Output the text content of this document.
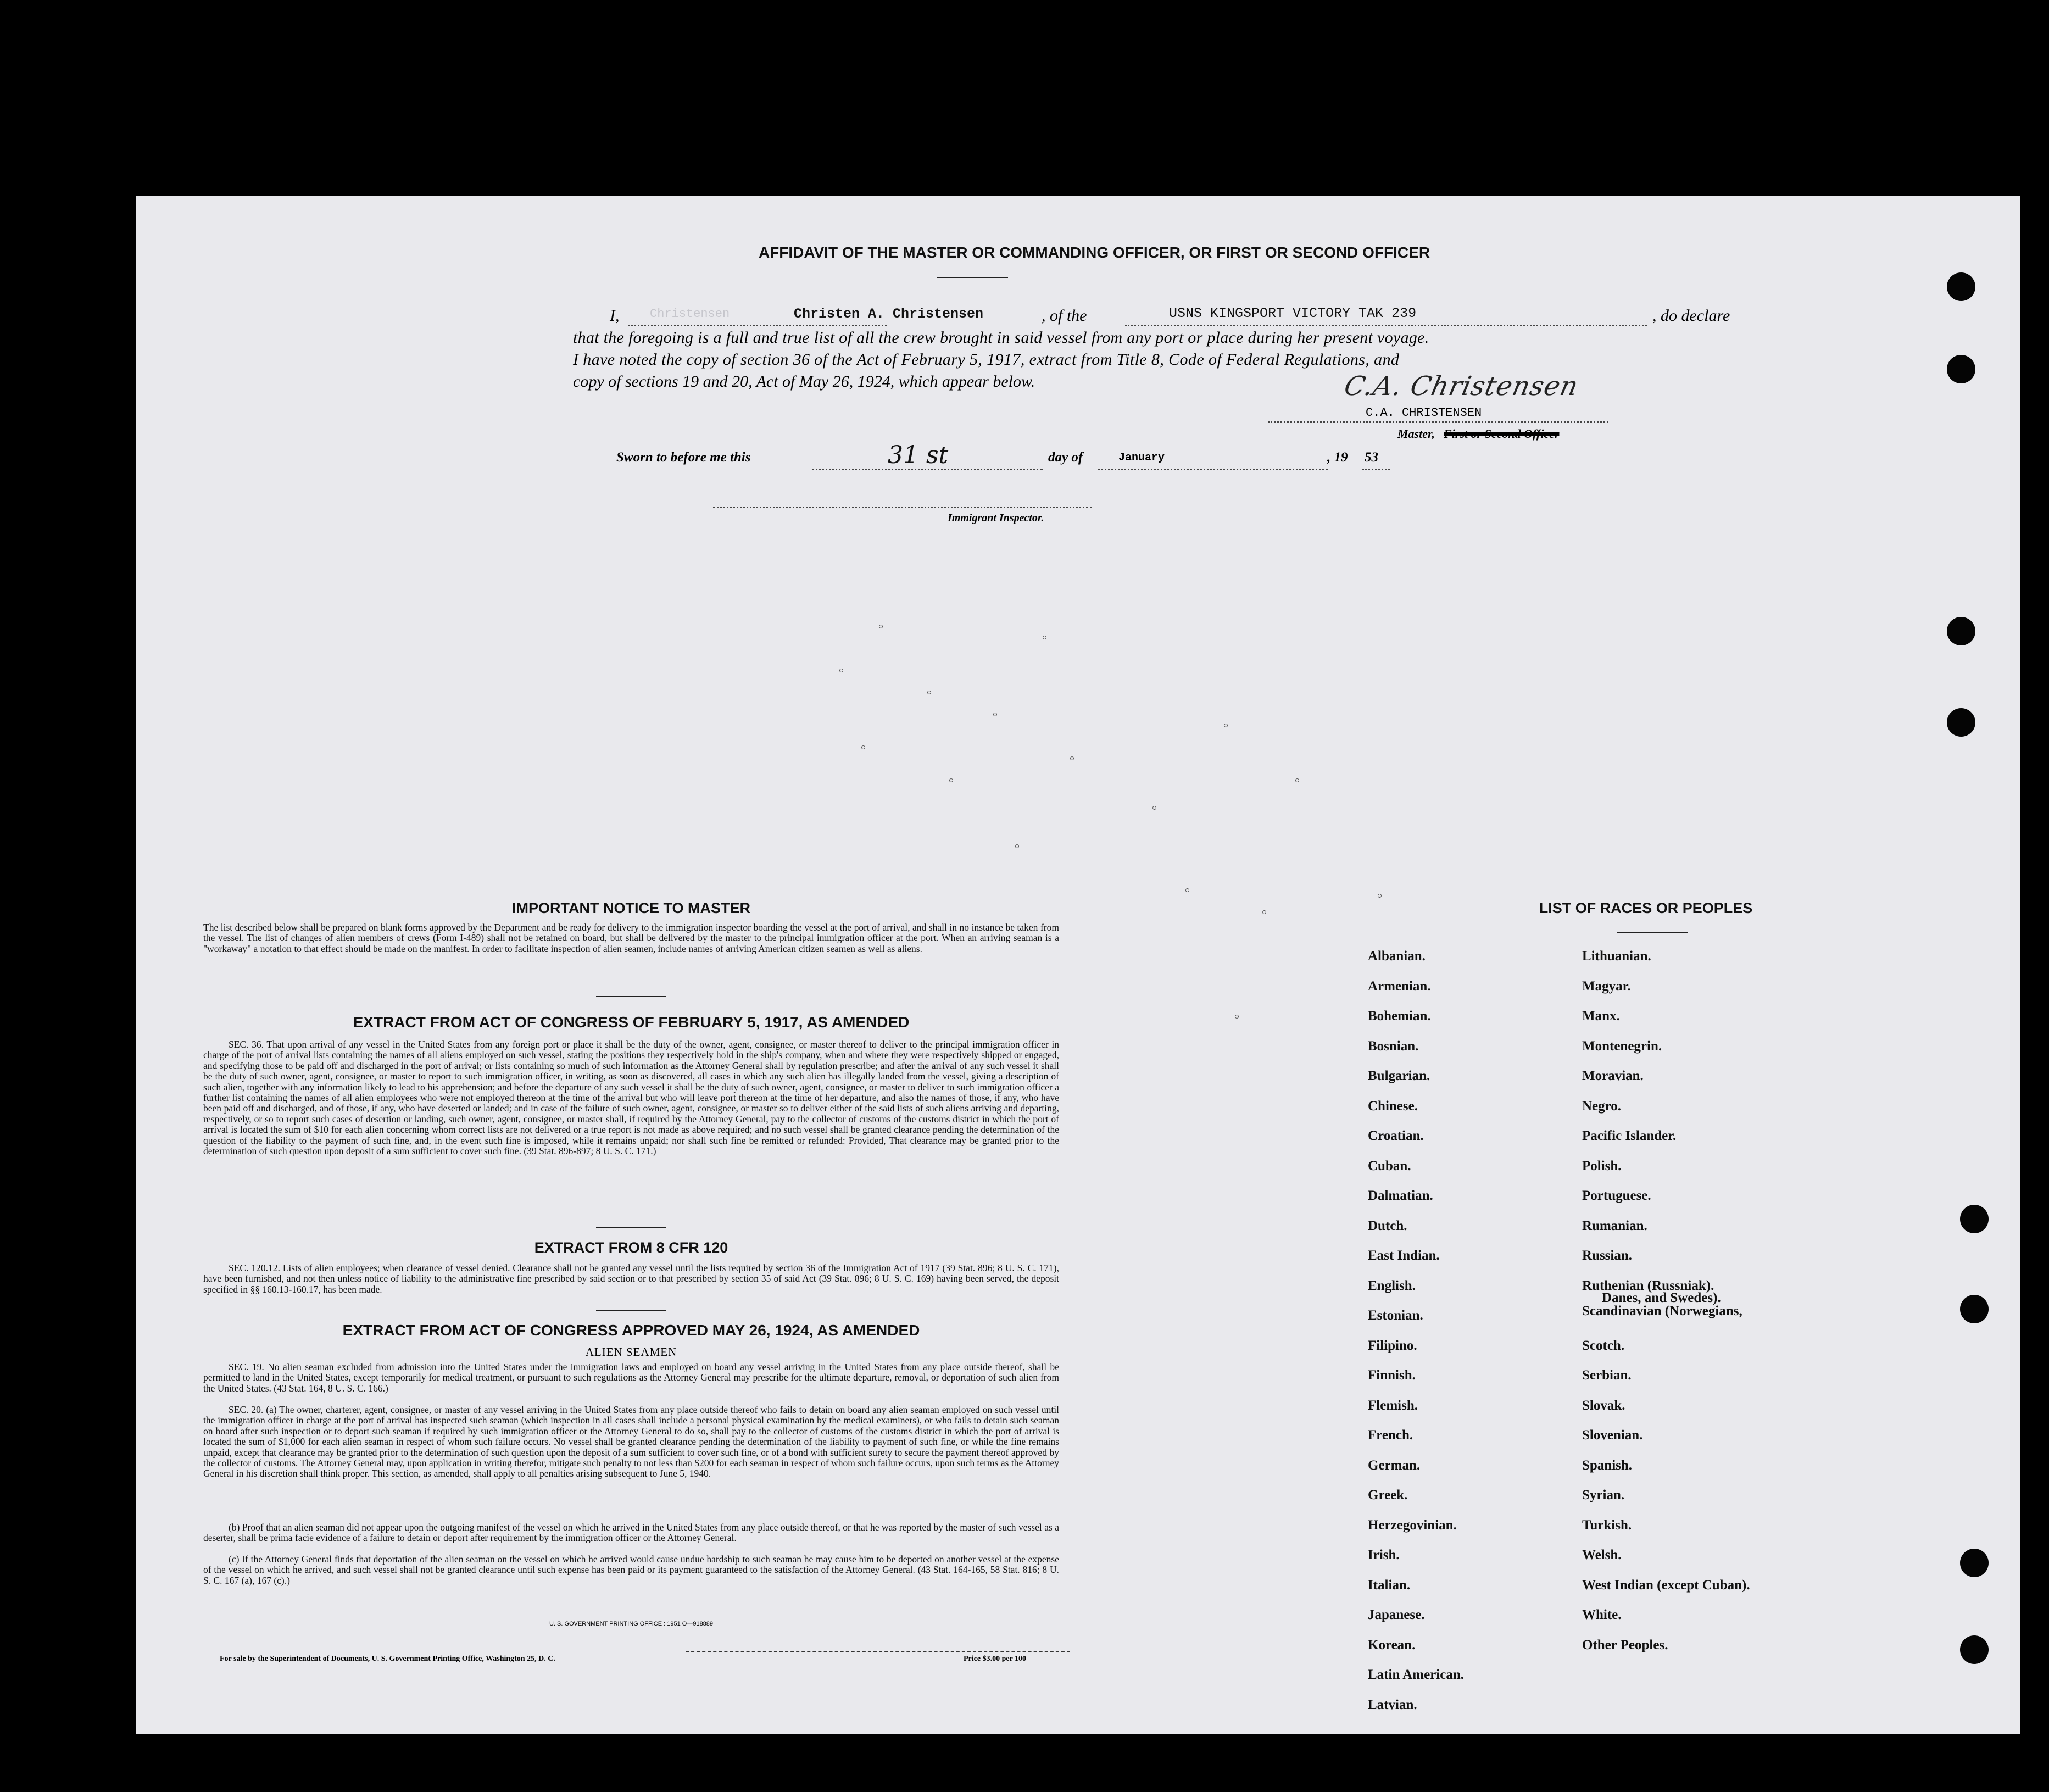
AFFIDAVIT OF THE MASTER OR COMMANDING OFFICER, OR FIRST OR SECOND OFFICER
I,	Christensen	Christen A. Christensen	, of the	USNS KINGSPORT VICTORY TAK 239	, do declare
that the foregoing is a full and true list of all the crew brought in said vessel from any port or place during her present voyage.
I have noted the copy of section 36 of the Act of February 5, 1917, extract from Title 8, Code of Federal Regulations, and
copy of sections 19 and 20, Act of May 26, 1924, which appear below.	C.A. Christensen
C.A. CHRISTENSEN
Master, First or Second Officer
Sworn to before me this	31 st	day of	January	, 19 53
Immigrant Inspector.
IMPORTANT NOTICE TO MASTER

The list described below shall be prepared on blank forms approved by the Department and be ready for delivery to the immigration inspector boarding the vessel at the port of arrival, and shall in no instance be taken from the vessel. The list of changes of alien members of crews (Form I-489) shall not be retained on board, but shall be delivered by the master to the principal immigration officer at the port. When an arriving seaman is a "workaway" a notation to that effect should be made on the manifest. In order to facilitate inspection of alien seamen, include names of arriving American citizen seamen as well as aliens.

EXTRACT FROM ACT OF CONGRESS OF FEBRUARY 5, 1917, AS AMENDED

SEC. 36. That upon arrival of any vessel in the United States from any foreign port or place it shall be the duty of the owner, agent, consignee, or master thereof to deliver to the principal immigration officer in charge of the port of arrival lists containing the names of all aliens employed on such vessel, stating the positions they respectively hold in the ship's company, when and where they were respectively shipped or engaged, and specifying those to be paid off and discharged in the port of arrival; or lists containing so much of such information as the Attorney General shall by regulation prescribe; and after the arrival of any such vessel it shall be the duty of such owner, agent, consignee, or master to report to such immigration officer, in writing, as soon as discovered, all cases in which any such alien has illegally landed from the vessel, giving a description of such alien, together with any information likely to lead to his apprehension; and before the departure of any such vessel it shall be the duty of such owner, agent, consignee, or master to deliver to such immigration officer a further list containing the names of all alien employees who were not employed thereon at the time of the arrival but who will leave port thereon at the time of her departure, and also the names of those, if any, who have been paid off and discharged, and of those, if any, who have deserted or landed; and in case of the failure of such owner, agent, consignee, or master so to deliver either of the said lists of such aliens arriving and departing, respectively, or so to report such cases of desertion or landing, such owner, agent, consignee, or master shall, if required by the Attorney General, pay to the collector of customs of the customs district in which the port of arrival is located the sum of $10 for each alien concerning whom correct lists are not delivered or a true report is not made as above required; and no such vessel shall be granted clearance pending the determination of the question of the liability to the payment of such fine, and, in the event such fine is imposed, while it remains unpaid; nor shall such fine be remitted or refunded: Provided, That clearance may be granted prior to the determination of such question upon deposit of a sum sufficient to cover such fine. (39 Stat. 896-897; 8 U. S. C. 171.)

EXTRACT FROM 8 CFR 120

SEC. 120.12. Lists of alien employees; when clearance of vessel denied. Clearance shall not be granted any vessel until the lists required by section 36 of the Immigration Act of 1917 (39 Stat. 896; 8 U. S. C. 171), have been furnished, and not then unless notice of liability to the administrative fine prescribed by said section or to that prescribed by section 35 of said Act (39 Stat. 896; 8 U. S. C. 169) having been served, the deposit specified in §§ 160.13-160.17, has been made.

EXTRACT FROM ACT OF CONGRESS APPROVED MAY 26, 1924, AS AMENDED
ALIEN SEAMEN

SEC. 19. No alien seaman excluded from admission into the United States under the immigration laws and employed on board any vessel arriving in the United States from any place outside thereof, shall be permitted to land in the United States, except temporarily for medical treatment, or pursuant to such regulations as the Attorney General may prescribe for the ultimate departure, removal, or deportation of such alien from the United States. (43 Stat. 164, 8 U. S. C. 166.)

SEC. 20. (a) The owner, charterer, agent, consignee, or master of any vessel arriving in the United States from any place outside thereof who fails to detain on board any alien seaman employed on such vessel until the immigration officer in charge at the port of arrival has inspected such seaman (which inspection in all cases shall include a personal physical examination by the medical examiners), or who fails to detain such seaman on board after such inspection or to deport such seaman if required by such immigration officer or the Attorney General to do so, shall pay to the collector of customs of the customs district in which the port of arrival is located the sum of $1,000 for each alien seaman in respect of whom such failure occurs. No vessel shall be granted clearance pending the determination of the liability to payment of such fine, or while the fine remains unpaid, except that clearance may be granted prior to the determination of such question upon the deposit of a sum sufficient to cover such fine, or of a bond with sufficient surety to secure the payment thereof approved by the collector of customs. The Attorney General may, upon application in writing therefor, mitigate such penalty to not less than $200 for each seaman in respect of whom such failure occurs, upon such terms as the Attorney General in his discretion shall think proper. This section, as amended, shall apply to all penalties arising subsequent to June 5, 1940.

(b) Proof that an alien seaman did not appear upon the outgoing manifest of the vessel on which he arrived in the United States from any place outside thereof, or that he was reported by the master of such vessel as a deserter, shall be prima facie evidence of a failure to detain or deport after requirement by the immigration officer or the Attorney General.

(c) If the Attorney General finds that deportation of the alien seaman on the vessel on which he arrived would cause undue hardship to such seaman he may cause him to be deported on another vessel at the expense of the vessel on which he arrived, and such vessel shall not be granted clearance until such expense has been paid or its payment guaranteed to the satisfaction of the Attorney General. (43 Stat. 164-165, 58 Stat. 816; 8 U. S. C. 167 (a), 167 (c).)

U. S. GOVERNMENT PRINTING OFFICE : 1951 O—918889
For sale by the Superintendent of Documents, U. S. Government Printing Office, Washington 25, D. C.	Price $3.00 per 100
LIST OF RACES OR PEOPLES
Albanian.
Armenian.
Bohemian.
Bosnian.
Bulgarian.
Chinese.
Croatian.
Cuban.
Dalmatian.
Dutch.
East Indian.
English.
Estonian.
Filipino.
Finnish.
Flemish.
French.
German.
Greek.
Herzegovinian.
Irish.
Italian.
Japanese.
Korean.
Latin American.
Latvian.
Lithuanian.
Magyar.
Manx.
Montenegrin.
Moravian.
Negro.
Pacific Islander.
Polish.
Portuguese.
Rumanian.
Russian.
Ruthenian (Russniak).
Scandinavian (Norwegians,
Danes, and Swedes).
Scotch.
Serbian.
Slovak.
Slovenian.
Spanish.
Syrian.
Turkish.
Welsh.
West Indian (except Cuban).
White.
Other Peoples.
